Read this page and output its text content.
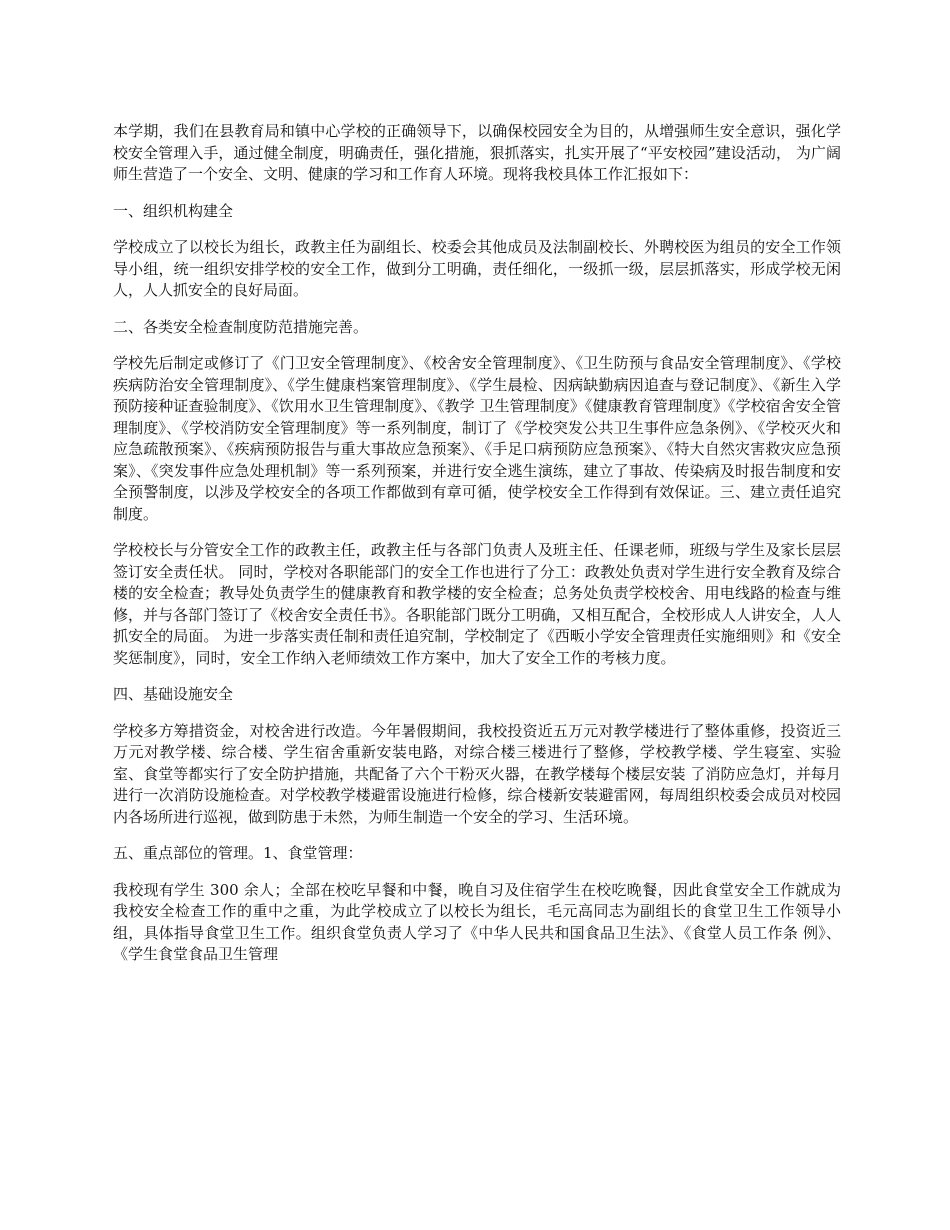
本学期，我们在县教育局和镇中心学校的正确领导下，以确保校园安全为目的，从增强师生安全意识，强化学校安全管理入手，通过健全制度，明确责任，强化措施，狠抓落实，扎实开展了“平安校园”建设活动， 为广阔师生营造了一个安全、文明、健康的学习和工作育人环境。现将我校具体工作汇报如下：

一、组织机构建全

学校成立了以校长为组长，政教主任为副组长、校委会其他成员及法制副校长、外聘校医为组员的安全工作领导小组，统一组织安排学校的安全工作，做到分工明确，责任细化，一级抓一级，层层抓落实，形成学校无闲人，人人抓安全的良好局面。

二、各类安全检查制度防范措施完善。

学校先后制定或修订了《门卫安全管理制度》、《校舍安全管理制度》、《卫生防预与食品安全管理制度》、《学校疾病防治安全管理制度》、《学生健康档案管理制度》、《学生晨检、因病缺勤病因追查与登记制度》、《新生入学预防接种证查验制度》、《饮用水卫生管理制度》、《教学 卫生管理制度》《健康教育管理制度》《学校宿舍安全管理制度》、《学校消防安全管理制度》等一系列制度，制订了《学校突发公共卫生事件应急条例》、《学校灭火和应急疏散预案》、《疾病预防报告与重大事故应急预案》、《手足口病预防应急预案》、《特大自然灾害救灾应急预案》、《突发事件应急处理机制》等一系列预案，并进行安全逃生演练，建立了事故、传染病及时报告制度和安全预警制度，以涉及学校安全的各项工作都做到有章可循，使学校安全工作得到有效保证。三、建立责任追究制度。

学校校长与分管安全工作的政教主任，政教主任与各部门负责人及班主任、任课老师，班级与学生及家长层层签订安全责任状。 同时，学校对各职能部门的安全工作也进行了分工：政教处负责对学生进行安全教育及综合楼的安全检查；教导处负责学生的健康教育和教学楼的安全检查；总务处负责学校校舍、用电线路的检查与维修，并与各部门签订了《校舍安全责任书》。各职能部门既分工明确，又相互配合，全校形成人人讲安全，人人抓安全的局面。 为进一步落实责任制和责任追究制，学校制定了《西畈小学安全管理责任实施细则》和《安全奖惩制度》，同时，安全工作纳入老师绩效工作方案中，加大了安全工作的考核力度。

四、基础设施安全

学校多方筹措资金，对校舍进行改造。今年暑假期间，我校投资近五万元对教学楼进行了整体重修，投资近三万元对教学楼、综合楼、学生宿舍重新安装电路，对综合楼三楼进行了整修，学校教学楼、学生寝室、实验室、食堂等都实行了安全防护措施，共配备了六个干粉灭火器，在教学楼每个楼层安装 了消防应急灯，并每月进行一次消防设施检查。对学校教学楼避雷设施进行检修，综合楼新安装避雷网，每周组织校委会成员对校园内各场所进行巡视，做到防患于未然，为师生制造一个安全的学习、生活环境。

五、重点部位的管理。1、食堂管理：

我校现有学生 300 余人；全部在校吃早餐和中餐，晚自习及住宿学生在校吃晚餐，因此食堂安全工作就成为我校安全检查工作的重中之重，为此学校成立了以校长为组长，毛元高同志为副组长的食堂卫生工作领导小组，具体指导食堂卫生工作。组织食堂负责人学习了《中华人民共和国食品卫生法》、《食堂人员工作条 例》、《学生食堂食品卫生管理
